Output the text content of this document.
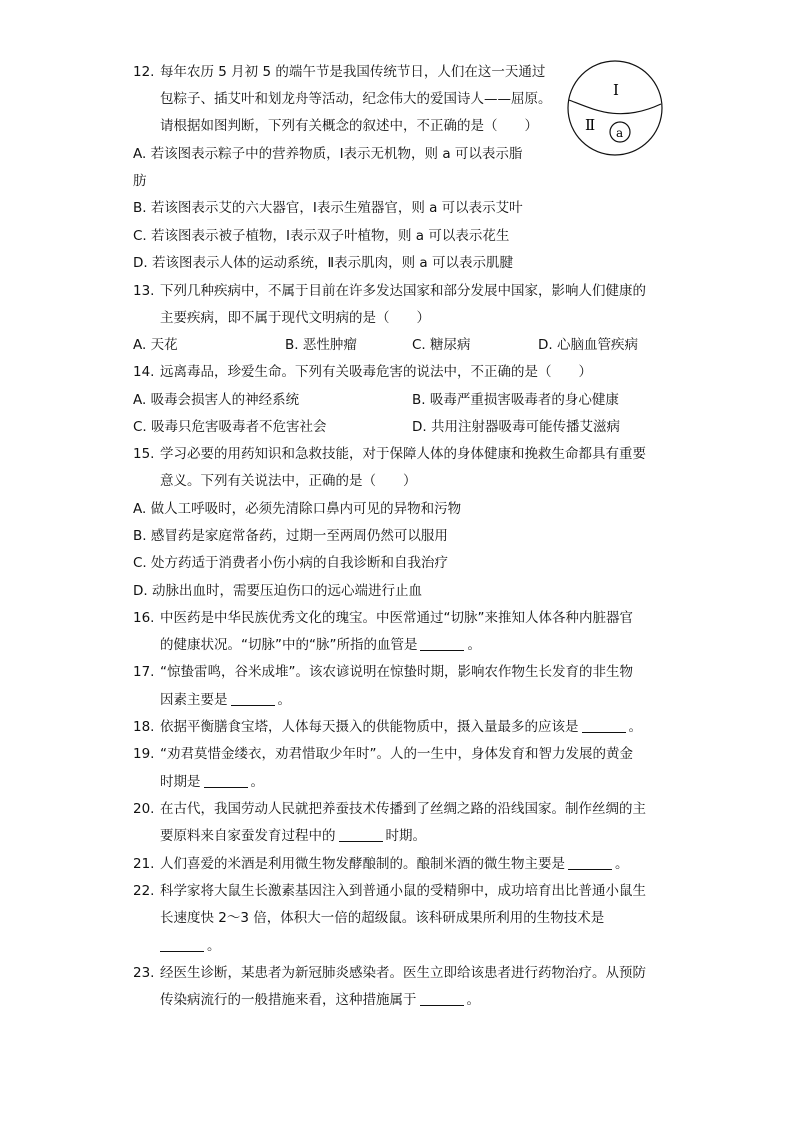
12. 每年农历 5 月初 5 的端午节是我国传统节日，人们在这一天通过
包粽子、插艾叶和划龙舟等活动，纪念伟大的爱国诗人——屈原。
请根据如图判断，下列有关概念的叙述中，不正确的是（　　）
A. 若该图表示粽子中的营养物质，Ⅰ表示无机物，则 a 可以表示脂
肪
B. 若该图表示艾的六大器官，Ⅰ表示生殖器官，则 a 可以表示艾叶
C. 若该图表示被子植物，Ⅰ表示双子叶植物，则 a 可以表示花生
D. 若该图表示人体的运动系统，Ⅱ表示肌肉，则 a 可以表示肌腱
Ⅰ
Ⅱ a
13. 下列几种疾病中，不属于目前在许多发达国家和部分发展中国家，影响人们健康的
主要疾病，即不属于现代文明病的是（　　）
A. 天花	B. 恶性肿瘤	C. 糖尿病	D. 心脑血管疾病
14. 远离毒品，珍爱生命。下列有关吸毒危害的说法中，不正确的是（　　）
A. 吸毒会损害人的神经系统	B. 吸毒严重损害吸毒者的身心健康
C. 吸毒只危害吸毒者不危害社会	D. 共用注射器吸毒可能传播艾滋病
15. 学习必要的用药知识和急救技能，对于保障人体的身体健康和挽救生命都具有重要
意义。下列有关说法中，正确的是（　　）
A. 做人工呼吸时，必须先清除口鼻内可见的异物和污物
B. 感冒药是家庭常备药，过期一至两周仍然可以服用
C. 处方药适于消费者小伤小病的自我诊断和自我治疗
D. 动脉出血时，需要压迫伤口的远心端进行止血
16. 中医药是中华民族优秀文化的瑰宝。中医常通过“切脉”来推知人体各种内脏器官
的健康状况。“切脉”中的“脉”所指的血管是	。
17. “惊蛰雷鸣，谷米成堆”。该农谚说明在惊蛰时期，影响农作物生长发育的非生物
因素主要是	。
18. 依据平衡膳食宝塔，人体每天摄入的供能物质中，摄入量最多的应该是	。
19. “劝君莫惜金缕衣，劝君惜取少年时”。人的一生中，身体发育和智力发展的黄金
时期是	。
20. 在古代，我国劳动人民就把养蚕技术传播到了丝绸之路的沿线国家。制作丝绸的主
要原料来自家蚕发育过程中的	时期。
21. 人们喜爱的米酒是利用微生物发酵酿制的。酿制米酒的微生物主要是	。
22. 科学家将大鼠生长激素基因注入到普通小鼠的受精卵中，成功培育出比普通小鼠生
长速度快 2～3 倍，体积大一倍的超级鼠。该科研成果所利用的生物技术是
。
23. 经医生诊断，某患者为新冠肺炎感染者。医生立即给该患者进行药物治疗。从预防
传染病流行的一般措施来看，这种措施属于	。
